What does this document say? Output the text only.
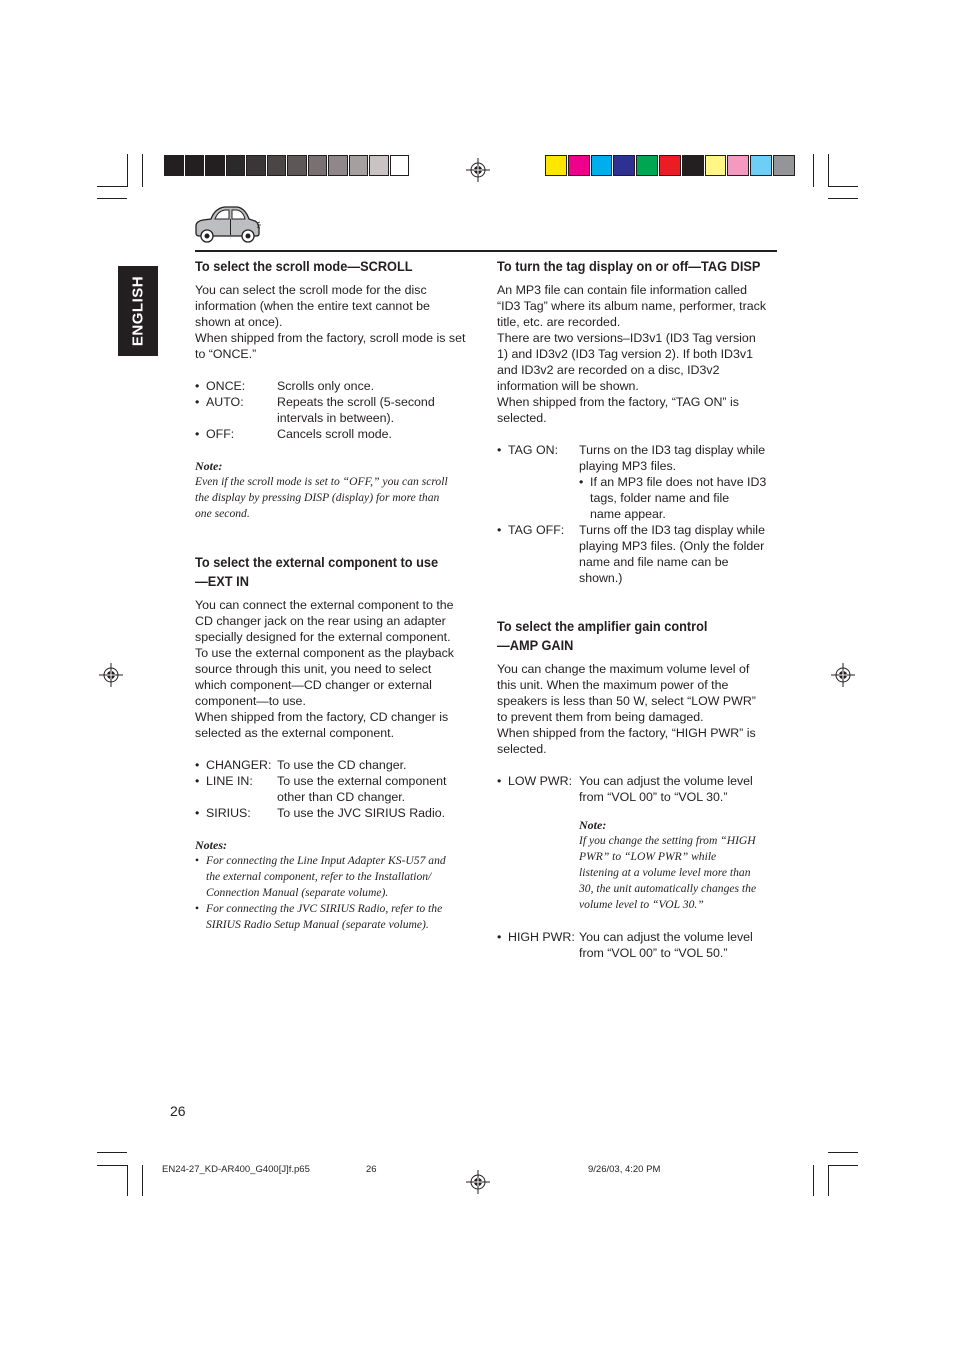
ENGLISH
To select the scroll mode—SCROLL

You can select the scroll mode for the disc
information (when the entire text cannot be
shown at once).

When shipped from the factory, scroll mode is set
to “ONCE.”

• ONCE:	Scrolls only once.
• AUTO:	Repeats the scroll (5-second
intervals in between).
• OFF:	Cancels scroll mode.

Note:

Even if the scroll mode is set to “OFF,” you can scroll
the display by pressing DISP (display) for more than
one second.

To select the external component to use
—EXT IN

You can connect the external component to the
CD changer jack on the rear using an adapter
specially designed for the external component.
To use the external component as the playback
source through this unit, you need to select
which component—CD changer or external
component—to use.

When shipped from the factory, CD changer is
selected as the external component.

• CHANGER: To use the CD changer.
• LINE IN: To use the external component
other than CD changer.
• SIRIUS: To use the JVC SIRIUS Radio.

Notes:

• For connecting the Line Input Adapter KS-U57 and
the external component, refer to the Installation/
Connection Manual (separate volume).
• For connecting the JVC SIRIUS Radio, refer to the
SIRIUS Radio Setup Manual (separate volume).
To turn the tag display on or off—TAG DISP

An MP3 file can contain file information called
“ID3 Tag” where its album name, performer, track
title, etc. are recorded.

There are two versions–ID3v1 (ID3 Tag version
1) and ID3v2 (ID3 Tag version 2). If both ID3v1
and ID3v2 are recorded on a disc, ID3v2
information will be shown.

When shipped from the factory, “TAG ON” is
selected.

• TAG ON: Turns on the ID3 tag display while
playing MP3 files.
• If an MP3 file does not have ID3
tags, folder name and file
name appear.
• TAG OFF: Turns off the ID3 tag display while
playing MP3 files. (Only the folder
name and file name can be
shown.)
To select the amplifier gain control
—AMP GAIN

You can change the maximum volume level of
this unit. When the maximum power of the
speakers is less than 50 W, select “LOW PWR”
to prevent them from being damaged.

When shipped from the factory, “HIGH PWR” is
selected.

• LOW PWR: You can adjust the volume level
from “VOL 00” to “VOL 30.”

Note:

If you change the setting from “HIGH
PWR” to “LOW PWR” while
listening at a volume level more than
30, the unit automatically changes the
volume level to “VOL 30.”

• HIGH PWR: You can adjust the volume level
from “VOL 00” to “VOL 50.”
26
EN24-27_KD-AR400_G400[J]f.p65	26	9/26/03, 4:20 PM
